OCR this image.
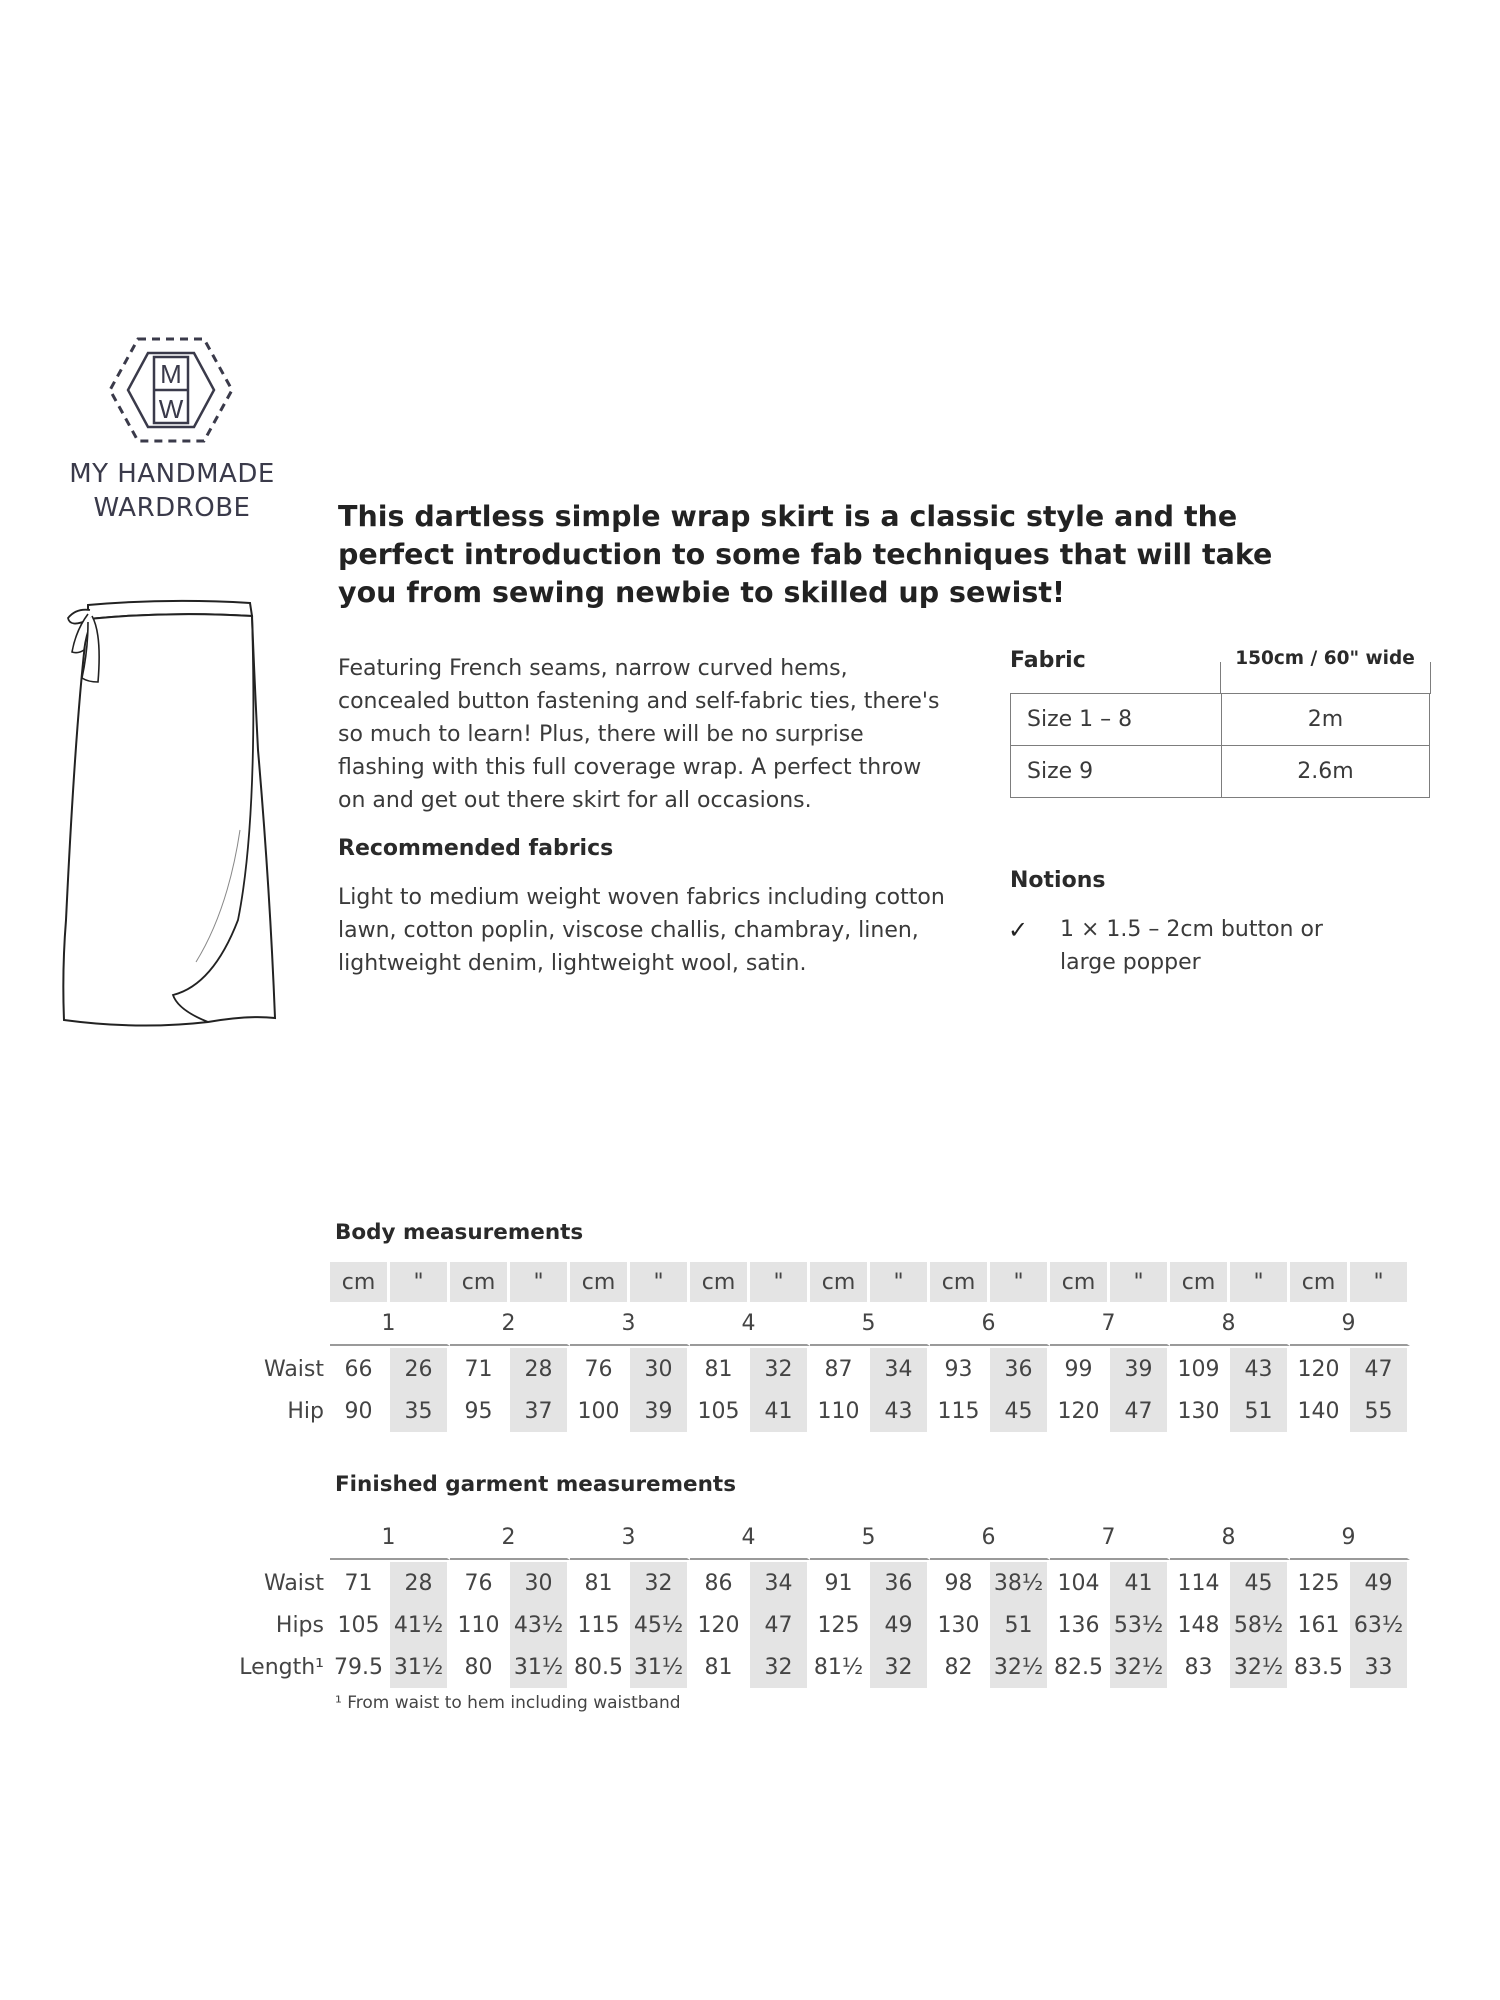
M
W
MY HANDMADE
WARDROBE	This dartless simple wrap skirt is a classic style and the perfect introduction to some fab techniques that will take you from sewing newbie to skilled up sewist!
Featuring French seams, narrow curved hems, concealed button fastening and self-fabric ties, there's so much to learn! Plus, there will be no surprise flashing with this full coverage wrap. A perfect throw on and get out there skirt for all occasions.
Recommended fabrics
Light to medium weight woven fabrics including cotton lawn, cotton poplin, viscose challis, chambray, linen, lightweight denim, lightweight wool, satin.
Fabric	150cm / 60" wide
Size 1 – 8	2m
Size 9	2.6m
Notions
✓ 1 × 1.5 – 2cm button or large popper
Body measurements
	cm	"	cm	"	cm	"	cm	"	cm	"	cm	"	cm	"	cm	"	cm	"
	1		2		3		4		5		6		7		8		9	

Waist	66	26	71	28	76	30	81	32	87	34	93	36	99	39	109	43	120	47
Hip	90	35	95	37	100	39	105	41	110	43	115	45	120	47	130	51	140	55
Finished garment measurements
	1		2		3		4		5		6		7		8		9	

Waist	71	28	76	30	81	32	86	34	91	36	98	38½	104	41	114	45	125	49
Hips	105	41½	110	43½	115	45½	120	47	125	49	130	51	136	53½	148	58½	161	63½
Length¹	79.5	31½	80	31½	80.5	31½	81	32	81½	32	82	32½	82.5	32½	83	32½	83.5	33
¹ From waist to hem including waistband
